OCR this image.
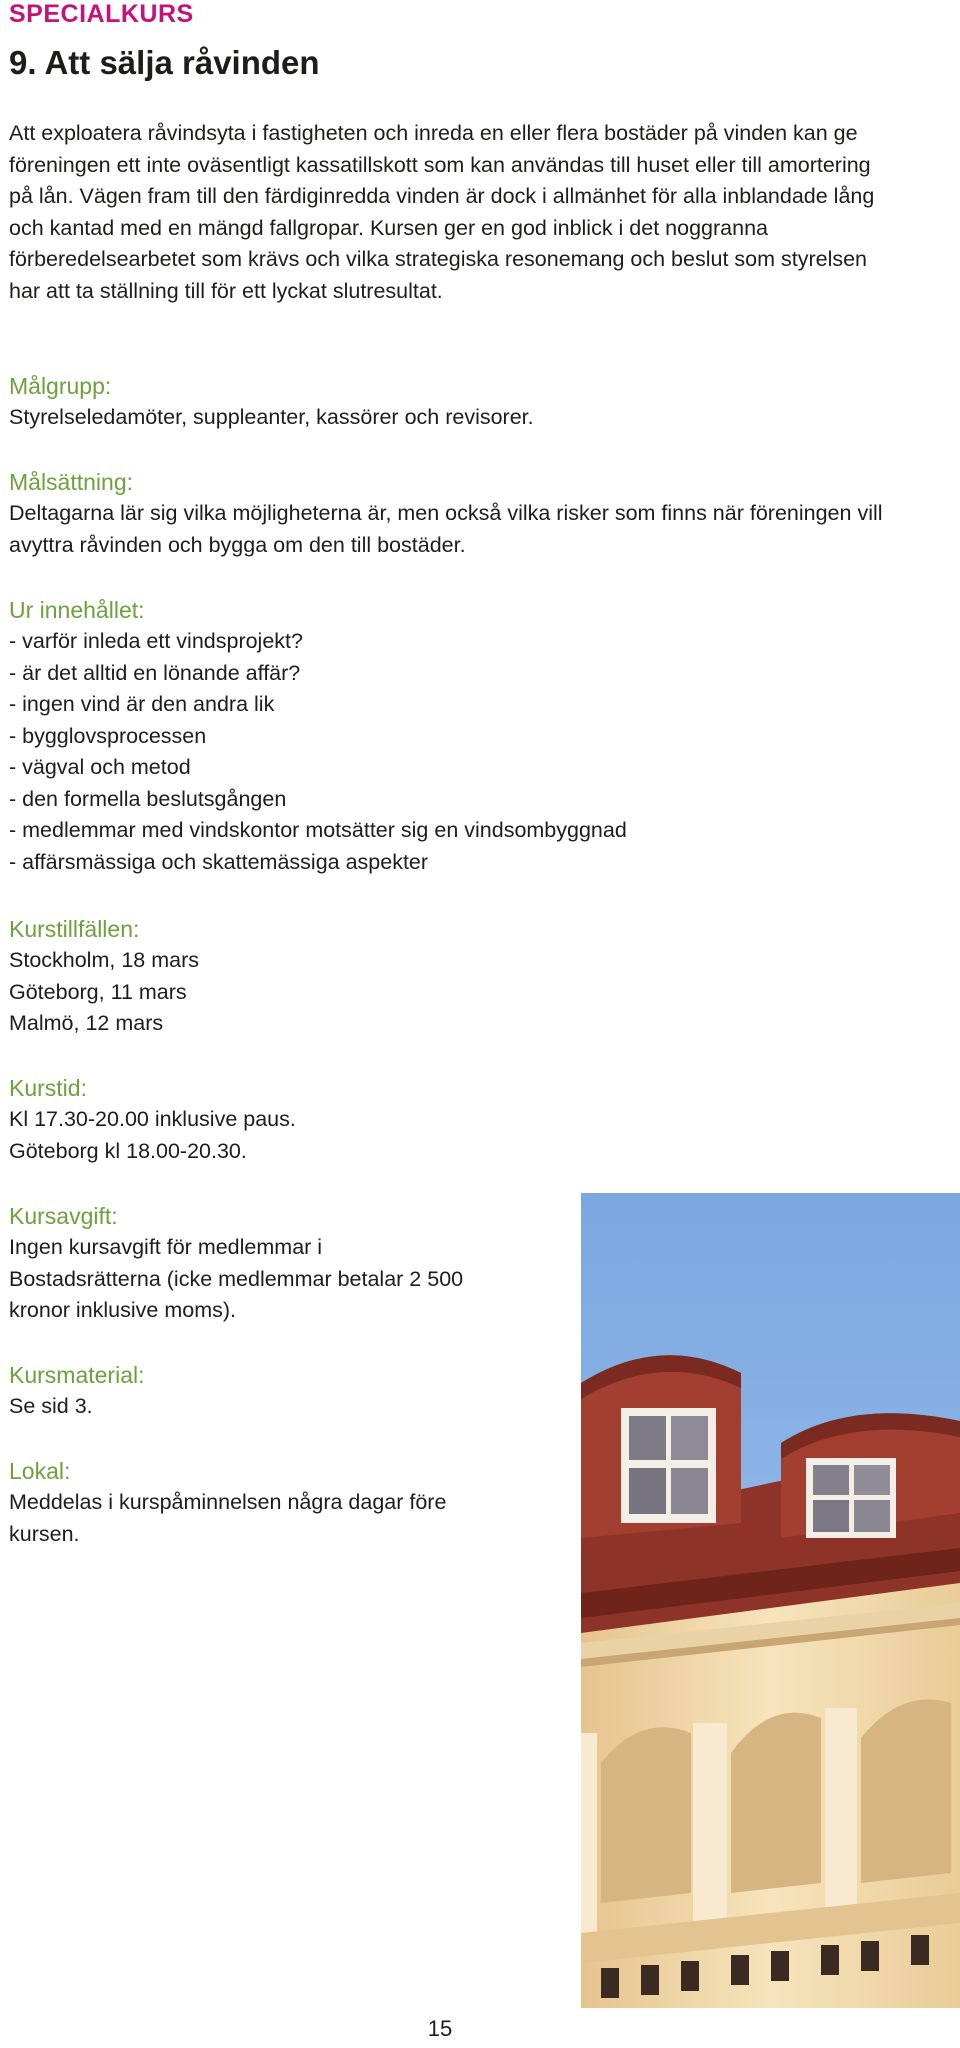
SPECIALKURS
9. Att sälja råvinden

Att exploatera råvindsyta i fastigheten och inreda en eller flera bostäder på vinden kan ge föreningen ett inte oväsentligt kassatillskott som kan användas till huset eller till amortering på lån. Vägen fram till den färdiginredda vinden är dock i allmänhet för alla inblandade lång och kantad med en mängd fallgropar. Kursen ger en god inblick i det noggranna förberedelsearbetet som krävs och vilka strategiska resonemang och beslut som styrelsen har att ta ställning till för ett lyckat slutresultat.

Målgrupp:

Styrelseledamöter, suppleanter, kassörer och revisorer.

Målsättning:

Deltagarna lär sig vilka möjligheterna är, men också vilka risker som finns när föreningen vill avyttra råvinden och bygga om den till bostäder.

Ur innehållet:
- varför inleda ett vindsprojekt?
- är det alltid en lönande affär?
- ingen vind är den andra lik
- bygglovsprocessen
- vägval och metod
- den formella beslutsgången
- medlemmar med vindskontor motsätter sig en vindsombyggnad
- affärsmässiga och skattemässiga aspekter
Kurstillfällen:
Stockholm, 18 mars
Göteborg, 11 mars
Malmö, 12 mars
Kurstid:
Kl 17.30-20.00 inklusive paus.
Göteborg kl 18.00-20.30.
Kursavgift:

Ingen kursavgift för medlemmar i Bostadsrätterna (icke medlemmar betalar 2 500 kronor inklusive moms).

Kursmaterial:

Se sid 3.

Lokal:

Meddelas i kurspåminnelsen några dagar före kursen.

15
